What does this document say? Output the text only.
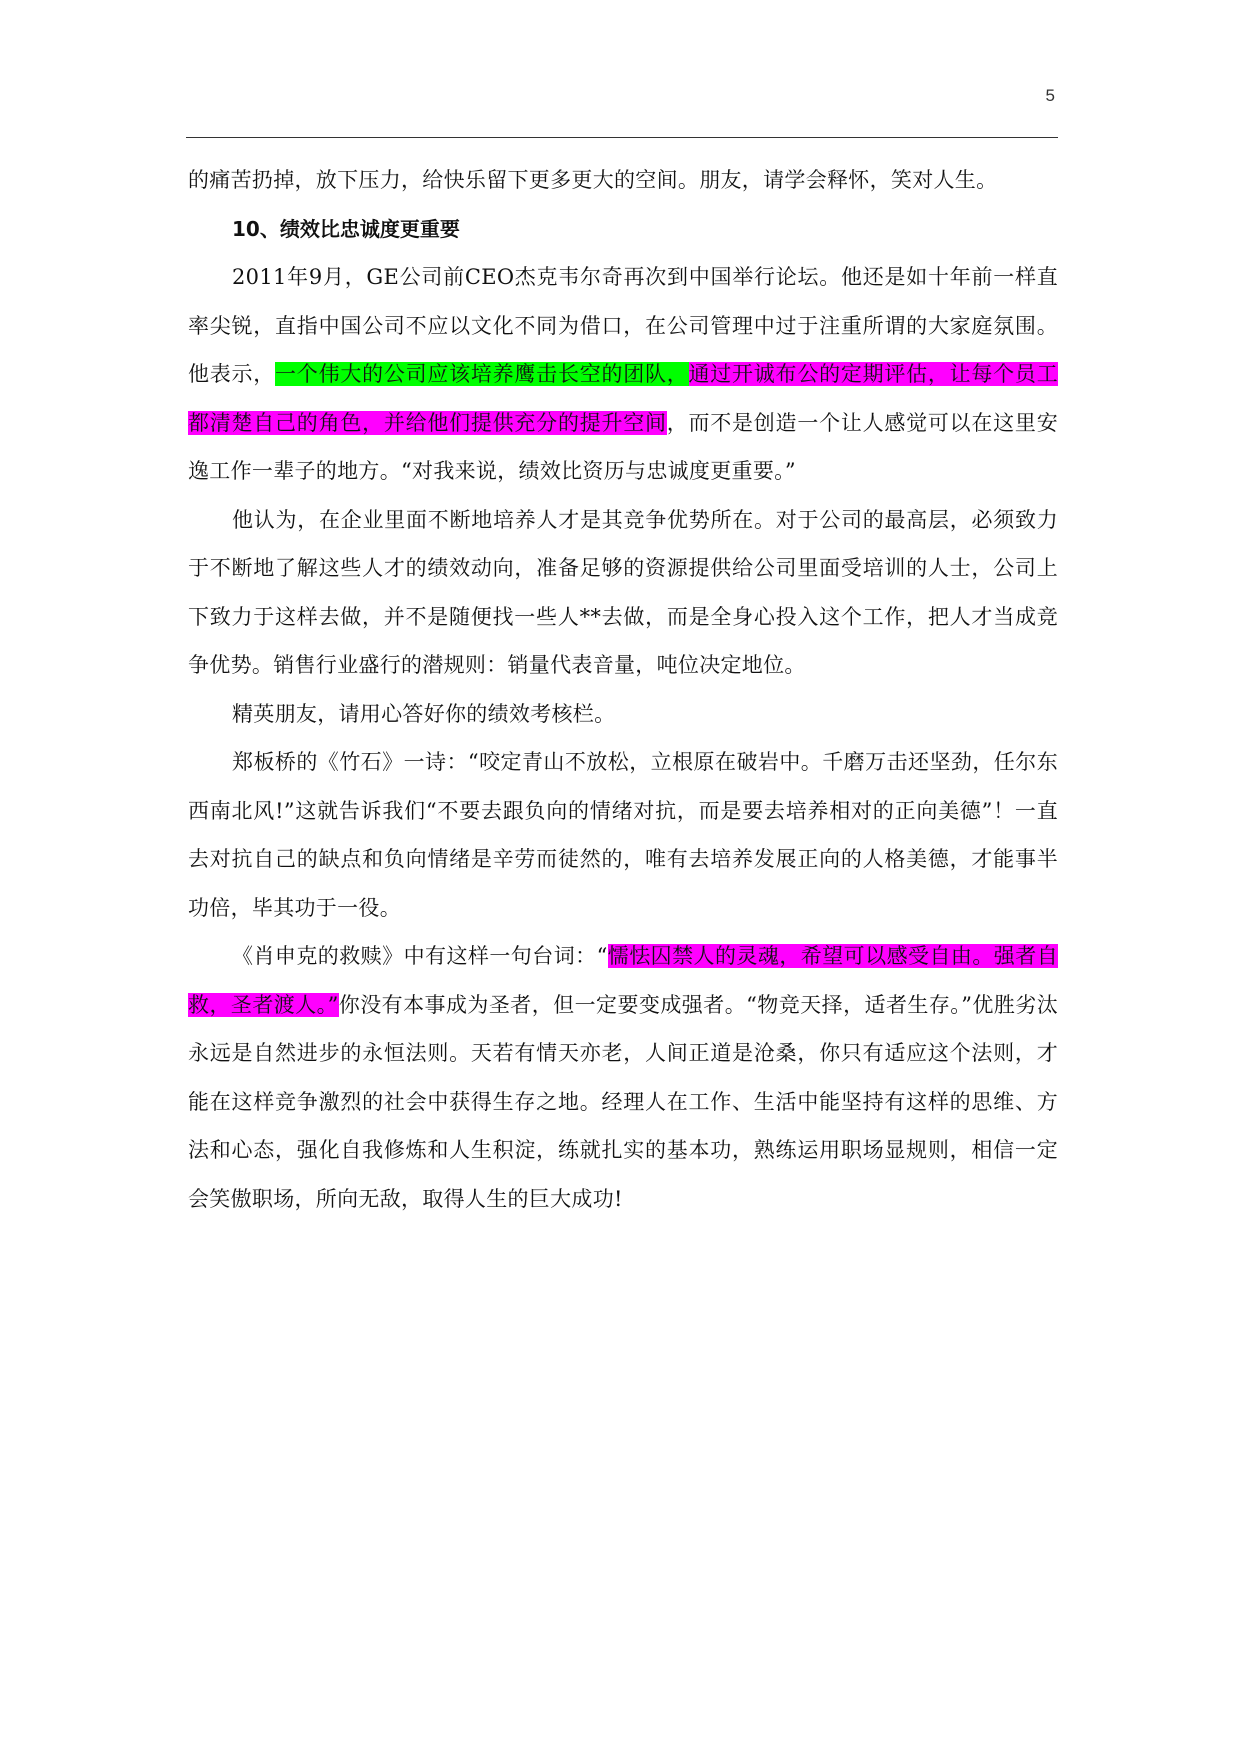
5

的痛苦扔掉，放下压力，给快乐留下更多更大的空间。朋友，请学会释怀，笑对人生。

10、绩效比忠诚度更重要

2011年9月，GE公司前CEO杰克韦尔奇再次到中国举行论坛。他还是如十年前一样直率尖锐，直指中国公司不应以文化不同为借口，在公司管理中过于注重所谓的大家庭氛围。他表示，一个伟大的公司应该培养鹰击长空的团队，通过开诚布公的定期评估，让每个员工都清楚自己的角色，并给他们提供充分的提升空间，而不是创造一个让人感觉可以在这里安逸工作一辈子的地方。“对我来说，绩效比资历与忠诚度更重要。”

他认为，在企业里面不断地培养人才是其竞争优势所在。对于公司的最高层，必须致力于不断地了解这些人才的绩效动向，准备足够的资源提供给公司里面受培训的人士，公司上下致力于这样去做，并不是随便找一些人**去做，而是全身心投入这个工作，把人才当成竞争优势。销售行业盛行的潜规则：销量代表音量，吨位决定地位。

精英朋友，请用心答好你的绩效考核栏。

郑板桥的《竹石》一诗：“咬定青山不放松，立根原在破岩中。千磨万击还坚劲，任尔东西南北风!”这就告诉我们“不要去跟负向的情绪对抗，而是要去培养相对的正向美德”！一直去对抗自己的缺点和负向情绪是辛劳而徒然的，唯有去培养发展正向的人格美德，才能事半功倍，毕其功于一役。

《肖申克的救赎》中有这样一句台词：“懦怯囚禁人的灵魂，希望可以感受自由。强者自救，圣者渡人。”你没有本事成为圣者，但一定要变成强者。“物竞天择，适者生存。”优胜劣汰永远是自然进步的永恒法则。天若有情天亦老，人间正道是沧桑，你只有适应这个法则，才能在这样竞争激烈的社会中获得生存之地。经理人在工作、生活中能坚持有这样的思维、方法和心态，强化自我修炼和人生积淀，练就扎实的基本功，熟练运用职场显规则，相信一定会笑傲职场，所向无敌，取得人生的巨大成功!
